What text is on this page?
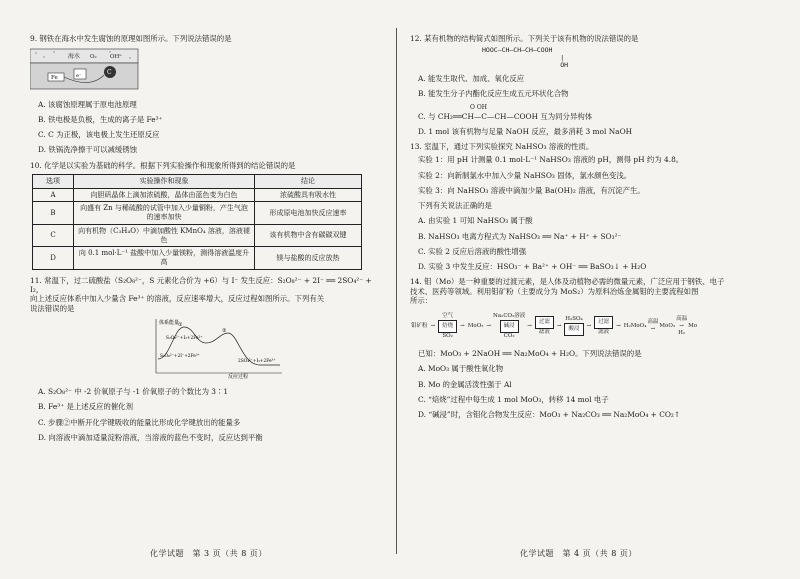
9. 钢铁在海水中发生腐蚀的原理如图所示。下列说法错误的是
海水 O₂ OH⁻
Fe	e⁻	C
A. 该腐蚀原理属于原电池原理
B. 铁电极是负极，生成的离子是 Fe³⁺
C. C 为正极，该电极上发生还原反应
D. 铁锅洗净擦干可以减缓锈蚀
10. 化学是以实验为基础的科学。根据下列实验操作和现象所得到的结论错误的是
选项	实验操作和现象	结论
A	向胆矾晶体上滴加浓硫酸，晶体由蓝色变为白色	浓硫酸具有吸水性
B	向盛有 Zn 与稀硫酸的试管中加入少量铜粉，产生气泡的速率加快	形成原电池加快反应速率
C	向有机物（C₃H₄O）中滴加酸性 KMnO₄ 溶液，溶液褪色	该有机物中含有碳碳双键
D	向 0.1 mol·L⁻¹ 盐酸中加入少量镁粉，测得溶液温度升高	镁与盐酸的反应放热
11. 常温下，过二硫酸盐（S₂O₈²⁻，S 元素化合价为 +6）与 I⁻ 发生反应：S₂O₈²⁻ + 2I⁻ ══ 2SO₄²⁻ + I₂，
向上述反应体系中加入少量含 Fe³⁺ 的溶液，反应速率增大，反应过程如图所示。下列有关
说法错误的是
体系能量
反应过程
①
②
S₂O₈²⁻+2I⁻+2Fe³⁺
S₂O₈²⁻+I₂+2Fe²⁺
2SO₄²⁻+I₂+2Fe³⁺
A. S₂O₈²⁻ 中 -2 价氧原子与 -1 价氧原子的个数比为 3∶1
B. Fe³⁺ 是上述反应的催化剂
C. 步骤②中断开化学键吸收的能量比形成化学键放出的能量多
D. 向溶液中滴加适量淀粉溶液，当溶液的蓝色不变时，反应达到平衡
12. 某有机物的结构简式如图所示。下列关于该有机物的说法错误的是
HOOC—CH—CH—CH—COOH
|
OH
A. 能发生取代、加成、氧化反应
B. 能发生分子内酯化反应生成五元环状化合物
O OH
C. 与 CH₂══CH—C—CH—COOH 互为同分异构体
D. 1 mol 该有机物与足量 NaOH 反应，最多消耗 3 mol NaOH
13. 室温下，通过下列实验探究 NaHSO₃ 溶液的性质。
实验 1：用 pH 计测量 0.1 mol·L⁻¹ NaHSO₃ 溶液的 pH，测得 pH 约为 4.8。
实验 2：向新制氯水中加入少量 NaHSO₃ 固体，氯水颜色变浅。
实验 3：向 NaHSO₃ 溶液中滴加少量 Ba(OH)₂ 溶液，有沉淀产生。
下列有关说法正确的是
A. 由实验 1 可知 NaHSO₃ 属于酸
B. NaHSO₃ 电离方程式为 NaHSO₃ ══ Na⁺ + H⁺ + SO₃²⁻
C. 实验 2 反应后溶液的酸性增强
D. 实验 3 中发生反应：HSO₃⁻ + Ba²⁺ + OH⁻ ══ BaSO₃↓ + H₂O
14. 钼（Mo）是一种重要的过渡元素，是人体及动植物必需的微量元素，广泛应用于钢铁、电子
技术、医药等领域。利用钼矿粉（主要成分为 MoS₂）为原料冶炼金属钼的主要流程如图
所示：
钼矿粉 →
空气
焙烧
SO₂
→ MoO₃ →
Na₂CO₃溶液
碱浸
CO₂
→
过滤
滤液
→
H₂SO₄
酸浸
→
过滤
滤液
→ H₂MoO₄
高温
→
MoO₃
高温
→
H₂
Mo
已知：MoO₃ + 2NaOH ══ Na₂MoO₄ + H₂O。下列说法错误的是
A. MoO₃ 属于酸性氧化物
B. Mo 的金属活泼性强于 Al
C. “焙烧”过程中每生成 1 mol MoO₃，转移 14 mol 电子
D. “碱浸”时，含钼化合物发生反应：MoO₃ + Na₂CO₃ ══ Na₂MoO₄ + CO₂↑
化学试题　第 3 页（共 8 页）	化学试题　第 4 页（共 8 页）
